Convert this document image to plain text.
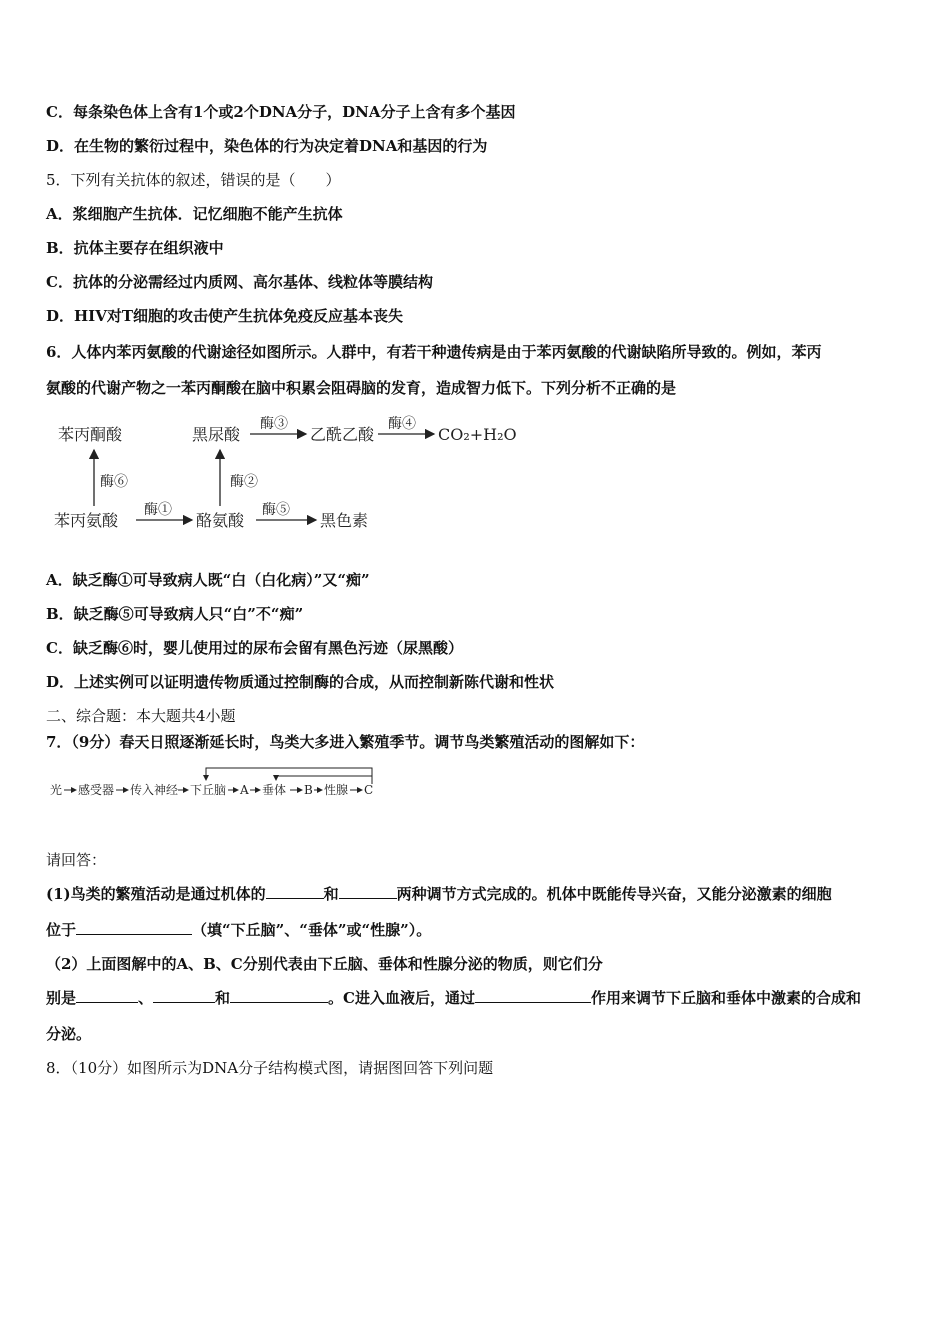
C．每条染色体上含有1个或2个DNA分子，DNA分子上含有多个基因
D．在生物的繁衍过程中，染色体的行为决定着DNA和基因的行为
5．下列有关抗体的叙述，错误的是（　　）
A．浆细胞产生抗体．记忆细胞不能产生抗体
B．抗体主要存在组织液中
C．抗体的分泌需经过内质网、高尔基体、线粒体等膜结构
D．HIV对T细胞的攻击使产生抗体免疫反应基本丧失
6．人体内苯丙氨酸的代谢途径如图所示。人群中，有若干种遗传病是由于苯丙氨酸的代谢缺陷所导致的。例如，苯丙
氨酸的代谢产物之一苯丙酮酸在脑中积累会阻碍脑的发育，造成智力低下。下列分析不正确的是
苯丙酮酸	黑尿酸	乙酰乙酸	CO₂+H₂O
苯丙氨酸	酪氨酸	黑色素
酶③	酶④
酶⑥	酶②
酶①	酶⑤
A．缺乏酶①可导致病人既“白（白化病）”又“痴”
B．缺乏酶⑤可导致病人只“白”不“痴”
C．缺乏酶⑥时，婴儿使用过的尿布会留有黑色污迹（尿黑酸）
D．上述实例可以证明遗传物质通过控制酶的合成，从而控制新陈代谢和性状
二、综合题：本大题共4小题
7．（9分）春天日照逐渐延长时，鸟类大多进入繁殖季节。调节鸟类繁殖活动的图解如下：
光 感受器 传入神经 下丘脑 A 垂体 B 性腺 C
请回答：
(1)鸟类的繁殖活动是通过机体的	和	两种调节方式完成的。机体中既能传导兴奋，又能分泌激素的细胞
位于	（填“下丘脑”、“垂体”或“性腺”）。
（2）上面图解中的A、B、C分别代表由下丘脑、垂体和性腺分泌的物质，则它们分
别是	、	和	。C进入血液后，通过	作用来调节下丘脑和垂体中激素的合成和
分泌。
8．（10分）如图所示为DNA分子结构模式图，请据图回答下列问题
